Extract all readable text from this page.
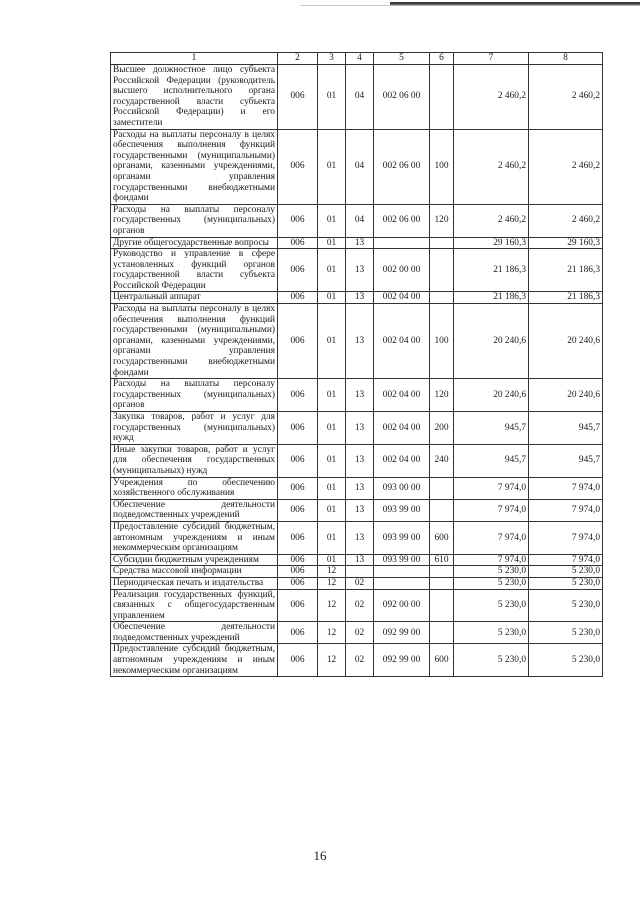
1	2	3	4	5	6	7	8
Высшее должностное лицо субъекта Российской Федерации (руководитель высшего исполнительного органа государственной власти субъекта Российской Федерации) и его заместители	006	01	04	002 06 00		2 460,2	2 460,2
Расходы на выплаты персоналу в целях обеспечения выполнения функций государственными (муниципальными) органами, казенными учреждениями, органами управления государственными внебюджетными фондами	006	01	04	002 06 00	100	2 460,2	2 460,2
Расходы на выплаты персоналу государственных (муниципальных) органов	006	01	04	002 06 00	120	2 460,2	2 460,2
Другие общегосударственные вопросы	006	01	13			29 160,3	29 160,3
Руководство и управление в сфере установленных функций органов государственной власти субъекта Российской Федерации	006	01	13	002 00 00		21 186,3	21 186,3
Центральный аппарат	006	01	13	002 04 00		21 186,3	21 186,3
Расходы на выплаты персоналу в целях обеспечения выполнения функций государственными (муниципальными) органами, казенными учреждениями, органами управления государственными внебюджетными фондами	006	01	13	002 04 00	100	20 240,6	20 240,6
Расходы на выплаты персоналу государственных (муниципальных) органов	006	01	13	002 04 00	120	20 240,6	20 240,6
Закупка товаров, работ и услуг для государственных (муниципальных) нужд	006	01	13	002 04 00	200	945,7	945,7
Иные закупки товаров, работ и услуг для обеспечения государственных (муниципальных) нужд	006	01	13	002 04 00	240	945,7	945,7
Учреждения по обеспечению хозяйственного обслуживания	006	01	13	093 00 00		7 974,0	7 974,0
Обеспечение деятельности подведомственных учреждений	006	01	13	093 99 00		7 974,0	7 974,0
Предоставление субсидий бюджетным, автономным учреждениям и иным некоммерческим организациям	006	01	13	093 99 00	600	7 974,0	7 974,0
Субсидии бюджетным учреждениям	006	01	13	093 99 00	610	7 974,0	7 974,0
Средства массовой информации	006	12				5 230,0	5 230,0
Периодическая печать и издательства	006	12	02			5 230,0	5 230,0
Реализация государственных функций, связанных с общегосударственным управлением	006	12	02	092 00 00		5 230,0	5 230,0
Обеспечение деятельности подведомственных учреждений	006	12	02	092 99 00		5 230,0	5 230,0
Предоставление субсидий бюджетным, автономным учреждениям и иным некоммерческим организациям	006	12	02	092 99 00	600	5 230,0	5 230,0
16
